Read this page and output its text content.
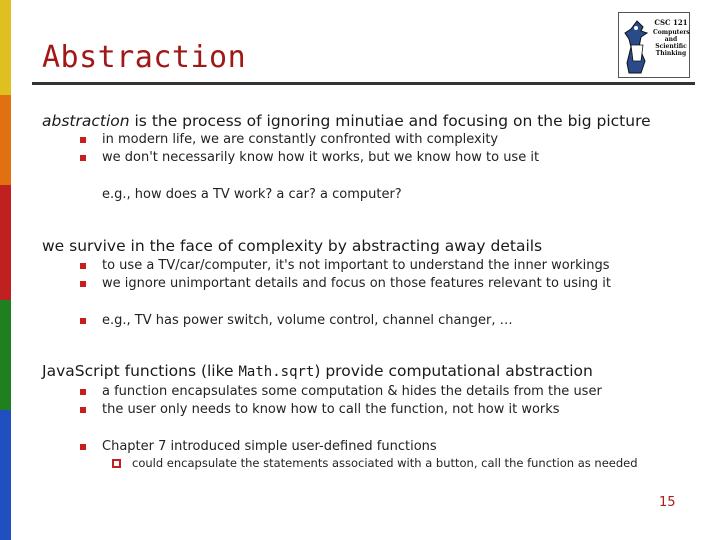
Abstraction
CSC 121
Computers and Scientific Thinking
abstraction is the process of ignoring minutiae and focusing on the big picture
in modern life, we are constantly confronted with complexity
we don't necessarily know how it works, but we know how to use it
e.g., how does a TV work? a car? a computer?
we survive in the face of complexity by abstracting away details
to use a TV/car/computer, it's not important to understand the inner workings
we ignore unimportant details and focus on those features relevant to using it
e.g., TV has power switch, volume control, channel changer, …
JavaScript functions (like Math.sqrt) provide computational abstraction
a function encapsulates some computation & hides the details from the user
the user only needs to know how to call the function, not how it works
Chapter 7 introduced simple user-defined functions
could encapsulate the statements associated with a button, call the function as needed
15
